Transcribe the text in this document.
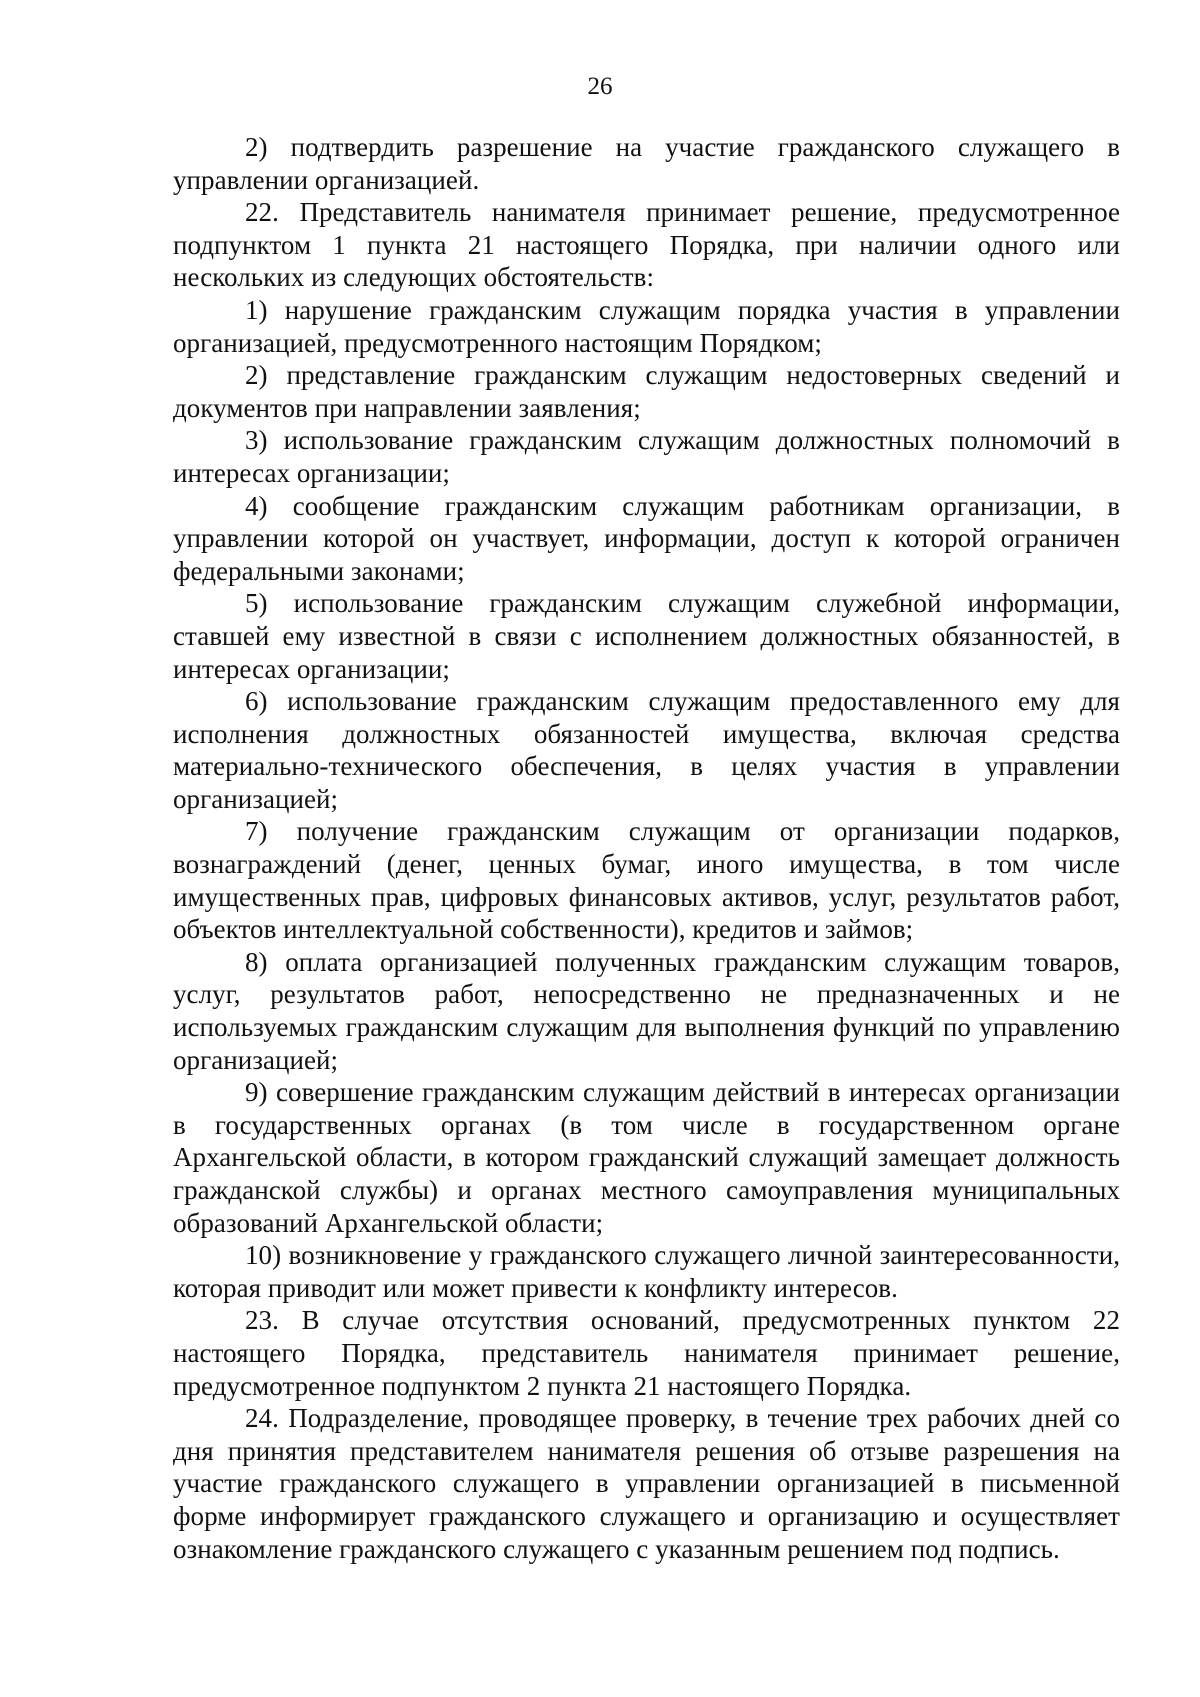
26

2) подтвердить разрешение на участие гражданского служащего в управлении организацией.

22. Представитель нанимателя принимает решение, предусмотренное подпунктом 1 пункта 21 настоящего Порядка, при наличии одного или нескольких из следующих обстоятельств:

1) нарушение гражданским служащим порядка участия в управлении организацией, предусмотренного настоящим Порядком;

2) представление гражданским служащим недостоверных сведений и документов при направлении заявления;

3) использование гражданским служащим должностных полномочий в интересах организации;

4) сообщение гражданским служащим работникам организации, в управлении которой он участвует, информации, доступ к которой ограничен федеральными законами;

5) использование гражданским служащим служебной информации, ставшей ему известной в связи с исполнением должностных обязанностей, в интересах организации;

6) использование гражданским служащим предоставленного ему для исполнения должностных обязанностей имущества, включая средства материально-технического обеспечения, в целях участия в управлении организацией;

7) получение гражданским служащим от организации подарков, вознаграждений (денег, ценных бумаг, иного имущества, в том числе имущественных прав, цифровых финансовых активов, услуг, результатов работ, объектов интеллектуальной собственности), кредитов и займов;

8) оплата организацией полученных гражданским служащим товаров, услуг, результатов работ, непосредственно не предназначенных и не используемых гражданским служащим для выполнения функций по управлению организацией;

9) совершение гражданским служащим действий в интересах организации в государственных органах (в том числе в государственном органе Архангельской области, в котором гражданский служащий замещает должность гражданской службы) и органах местного самоуправления муниципальных образований Архангельской области;

10) возникновение у гражданского служащего личной заинтересованности, которая приводит или может привести к конфликту интересов.

23. В случае отсутствия оснований, предусмотренных пунктом 22 настоящего Порядка, представитель нанимателя принимает решение, предусмотренное подпунктом 2 пункта 21 настоящего Порядка.

24. Подразделение, проводящее проверку, в течение трех рабочих дней со дня принятия представителем нанимателя решения об отзыве разрешения на участие гражданского служащего в управлении организацией в письменной форме информирует гражданского служащего и организацию и осуществляет ознакомление гражданского служащего с указанным решением под подпись.
